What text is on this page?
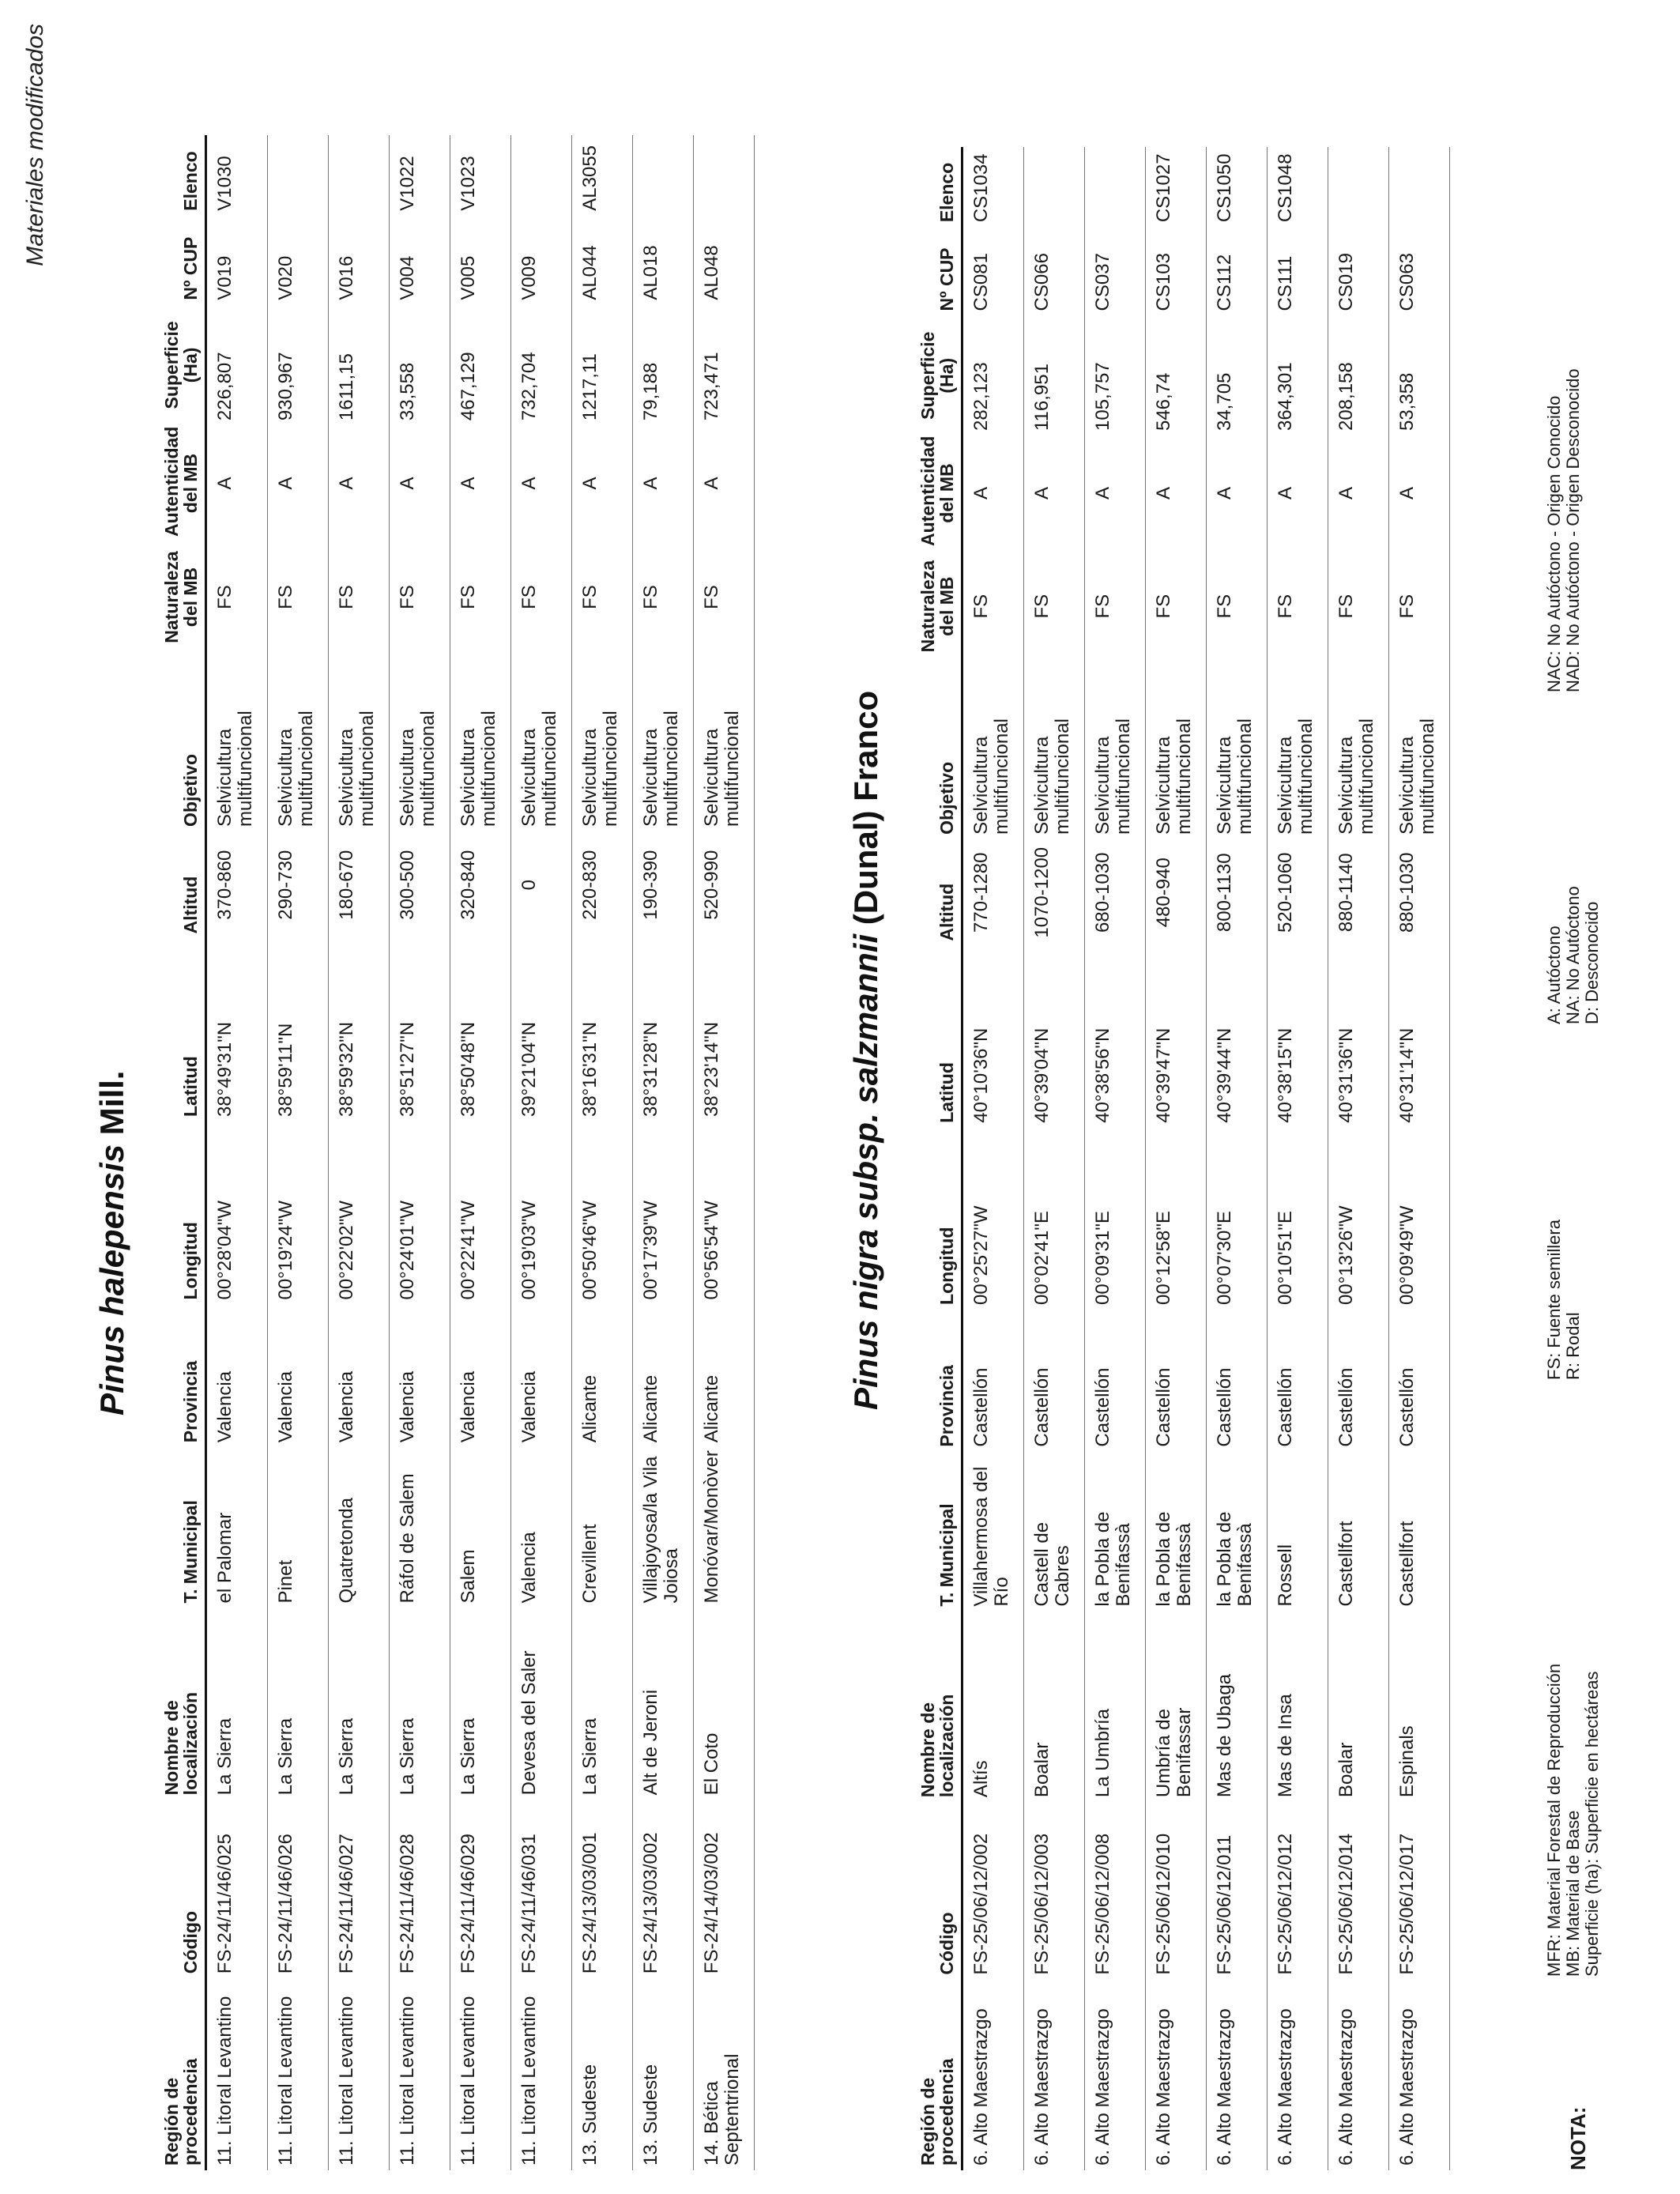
Materiales modificados
Pinus halepensis Mill.
Región de procedencia	Código	Nombre de localización	T. Municipal	Provincia	Longitud	Latitud	Altitud	Objetivo	Naturaleza del MB	Autenticidad del MB	Superficie (Ha)	Nº CUP	Elenco
11. Litoral Levantino	FS-24/11/46/025	La Sierra	el Palomar	Valencia	00°28'04"W	38°49'31"N	370-860	Selvicultura multifuncional	FS	A	226,807	V019	V1030
11. Litoral Levantino	FS-24/11/46/026	La Sierra	Pinet	Valencia	00°19'24"W	38°59'11"N	290-730	Selvicultura multifuncional	FS	A	930,967	V020	
11. Litoral Levantino	FS-24/11/46/027	La Sierra	Quatretonda	Valencia	00°22'02"W	38°59'32"N	180-670	Selvicultura multifuncional	FS	A	1611,15	V016	
11. Litoral Levantino	FS-24/11/46/028	La Sierra	Ráfol de Salem	Valencia	00°24'01"W	38°51'27"N	300-500	Selvicultura multifuncional	FS	A	33,558	V004	V1022
11. Litoral Levantino	FS-24/11/46/029	La Sierra	Salem	Valencia	00°22'41"W	38°50'48"N	320-840	Selvicultura multifuncional	FS	A	467,129	V005	V1023
11. Litoral Levantino	FS-24/11/46/031	Devesa del Saler	Valencia	Valencia	00°19'03"W	39°21'04"N	0	Selvicultura multifuncional	FS	A	732,704	V009	
13. Sudeste	FS-24/13/03/001	La Sierra	Crevillent	Alicante	00°50'46"W	38°16'31"N	220-830	Selvicultura multifuncional	FS	A	1217,11	AL044	AL3055
13. Sudeste	FS-24/13/03/002	Alt de Jeroni	Villajoyosa/la Vila Joiosa	Alicante	00°17'39"W	38°31'28"N	190-390	Selvicultura multifuncional	FS	A	79,188	AL018	
14. Bética Septentrional	FS-24/14/03/002	El Coto	Monóvar/Monòver	Alicante	00°56'54"W	38°23'14"N	520-990	Selvicultura multifuncional	FS	A	723,471	AL048	
Pinus nigra subsp. salzmannii (Dunal) Franco
Región de procedencia	Código	Nombre de localización	T. Municipal	Provincia	Longitud	Latitud	Altitud	Objetivo	Naturaleza del MB	Autenticidad del MB	Superficie (Ha)	Nº CUP	Elenco
6. Alto Maestrazgo	FS-25/06/12/002	Altís	Villahermosa del Río	Castellón	00°25'27"W	40°10'36"N	770-1280	Selvicultura multifuncional	FS	A	282,123	CS081	CS1034
6. Alto Maestrazgo	FS-25/06/12/003	Boalar	Castell de Cabres	Castellón	00°02'41"E	40°39'04"N	1070-1200	Selvicultura multifuncional	FS	A	116,951	CS066	
6. Alto Maestrazgo	FS-25/06/12/008	La Umbría	la Pobla de Benifassà	Castellón	00°09'31"E	40°38'56"N	680-1030	Selvicultura multifuncional	FS	A	105,757	CS037	
6. Alto Maestrazgo	FS-25/06/12/010	Umbría de Benifassar	la Pobla de Benifassà	Castellón	00°12'58"E	40°39'47"N	480-940	Selvicultura multifuncional	FS	A	546,74	CS103	CS1027
6. Alto Maestrazgo	FS-25/06/12/011	Mas de Ubaga	la Pobla de Benifassà	Castellón	00°07'30"E	40°39'44"N	800-1130	Selvicultura multifuncional	FS	A	34,705	CS112	CS1050
6. Alto Maestrazgo	FS-25/06/12/012	Mas de Insa	Rossell	Castellón	00°10'51"E	40°38'15"N	520-1060	Selvicultura multifuncional	FS	A	364,301	CS111	CS1048
6. Alto Maestrazgo	FS-25/06/12/014	Boalar	Castellfort	Castellón	00°13'26"W	40°31'36"N	880-1140	Selvicultura multifuncional	FS	A	208,158	CS019	
6. Alto Maestrazgo	FS-25/06/12/017	Espinals	Castellfort	Castellón	00°09'49"W	40°31'14"N	880-1030	Selvicultura multifuncional	FS	A	53,358	CS063	
NOTA:
MFR: Material Forestal de Reproducción MB: Material de Base Superficie (ha): Superficie en hectáreas
FS: Fuente semillera R: Rodal
A: Autóctono NA: No Autóctono D: Desconocido
NAC: No Autóctono - Origen Conocido NAD: No Autóctono - Origen Desconocido
